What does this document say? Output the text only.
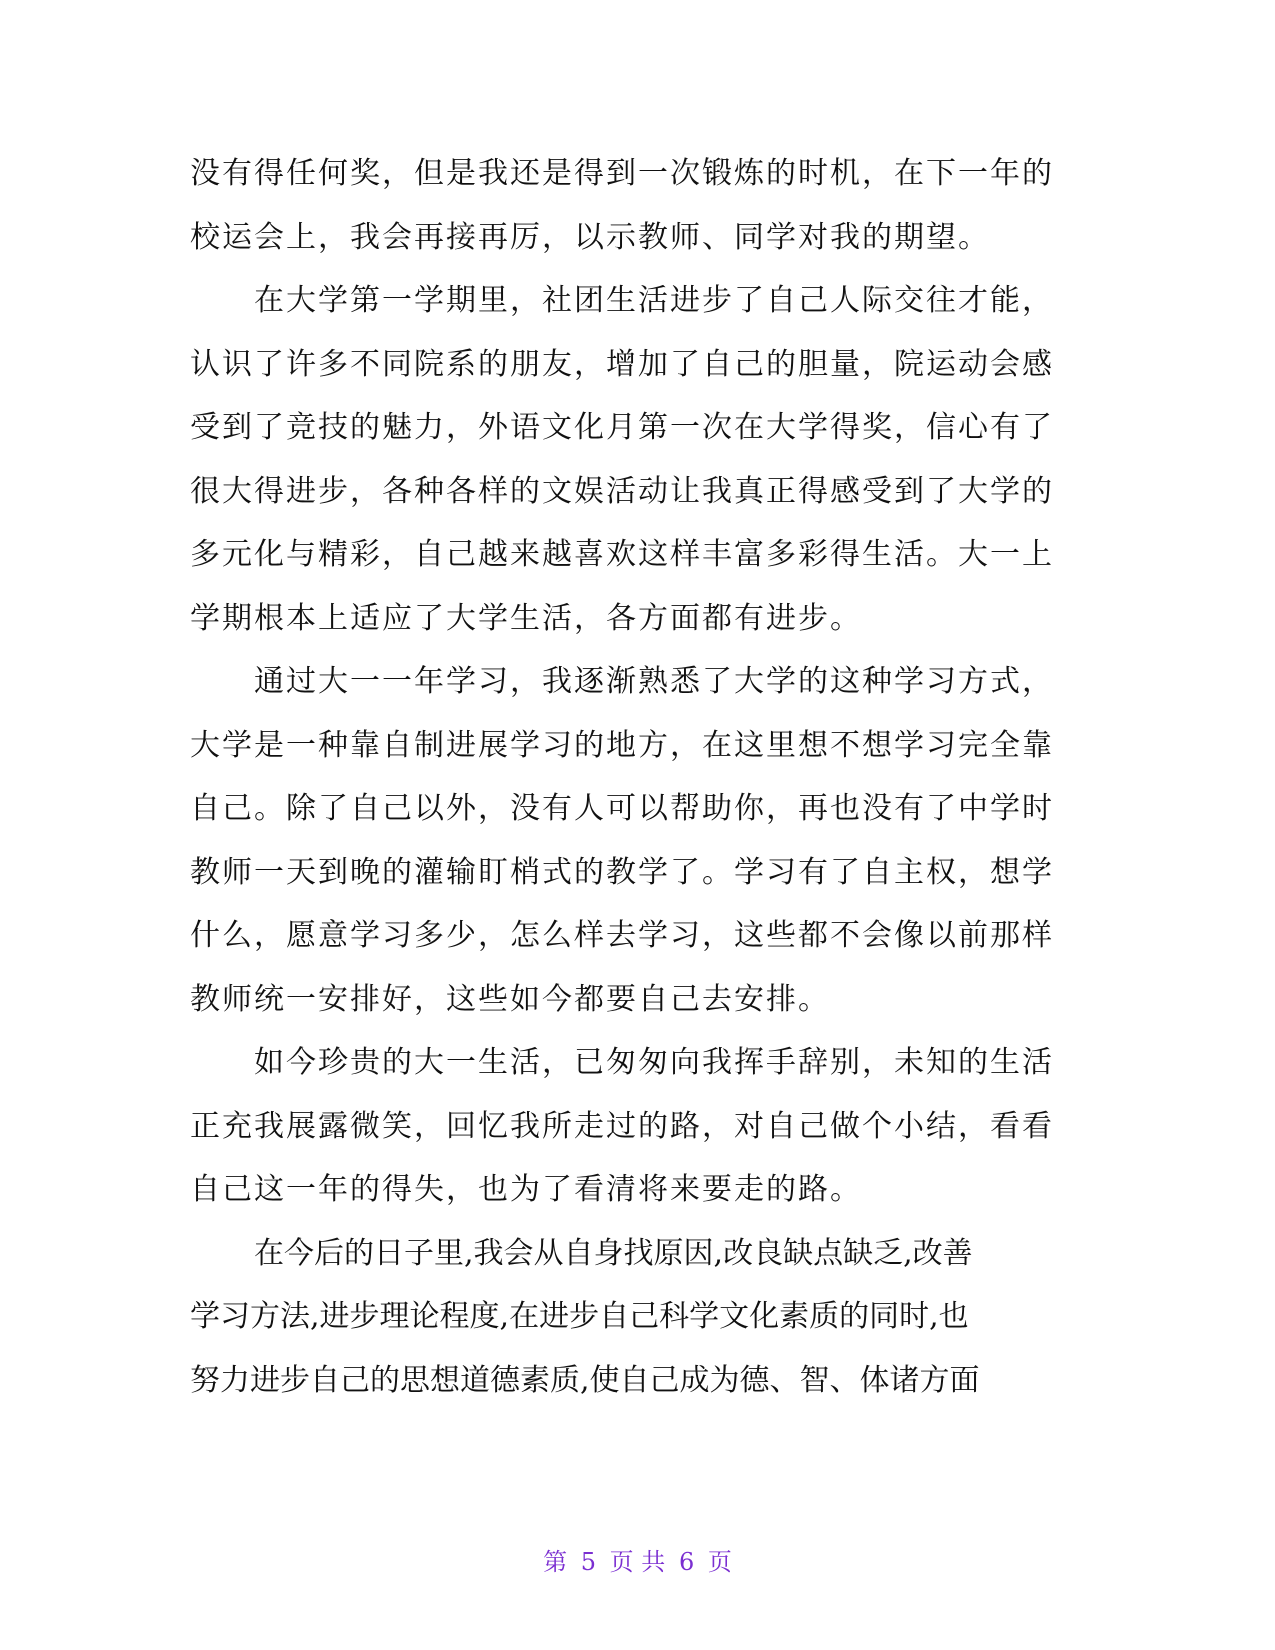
没有得任何奖，但是我还是得到一次锻炼的时机，在下一年的
校运会上，我会再接再厉，以示教师、同学对我的期望。
在大学第一学期里，社团生活进步了自己人际交往才能，
认识了许多不同院系的朋友，增加了自己的胆量，院运动会感
受到了竞技的魅力，外语文化月第一次在大学得奖，信心有了
很大得进步，各种各样的文娱活动让我真正得感受到了大学的
多元化与精彩，自己越来越喜欢这样丰富多彩得生活。大一上
学期根本上适应了大学生活，各方面都有进步。
通过大一一年学习，我逐渐熟悉了大学的这种学习方式，
大学是一种靠自制进展学习的地方，在这里想不想学习完全靠
自己。除了自己以外，没有人可以帮助你，再也没有了中学时
教师一天到晚的灌输盯梢式的教学了。学习有了自主权，想学
什么，愿意学习多少，怎么样去学习，这些都不会像以前那样
教师统一安排好，这些如今都要自己去安排。
如今珍贵的大一生活，已匆匆向我挥手辞别，未知的生活
正充我展露微笑，回忆我所走过的路，对自己做个小结，看看
自己这一年的得失，也为了看清将来要走的路。
在今后的日子里,我会从自身找原因,改良缺点缺乏,改善
学习方法,进步理论程度,在进步自己科学文化素质的同时,也
努力进步自己的思想道德素质,使自己成为德、智、体诸方面
第 5 页 共 6 页
